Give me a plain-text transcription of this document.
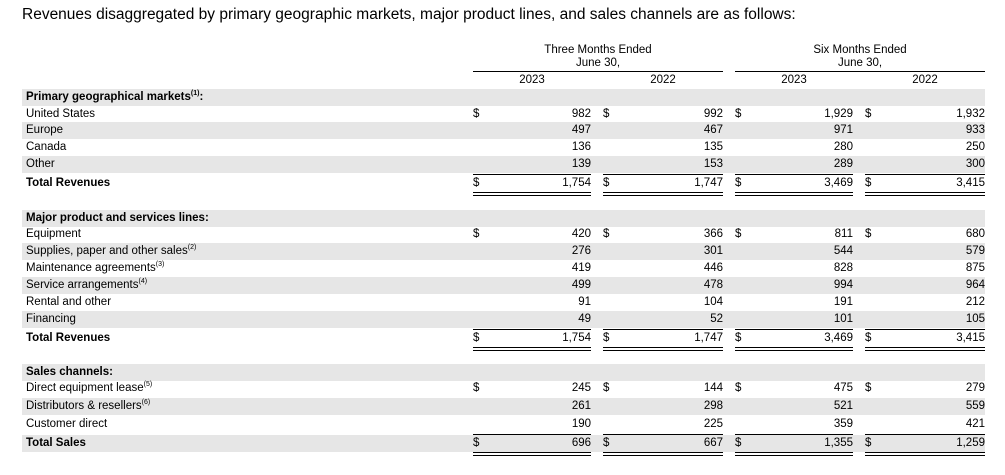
Revenues disaggregated by primary geographic markets, major product lines, and sales channels are as follows:
Three Months Ended
June 30,
Six Months Ended
June 30,
2023	2022	2023	2022
Primary geographical markets$^{(1)}$:
United States	$	982 $	992 $	1,929 $	1,932
Europe	497	467	971	933
Canada	136	135	280	250
Other	139	153	289	300
Total Revenues	$	1,754 $	1,747 $	3,469 $	3,415
Major product and services lines:
Equipment	$	420 $	366 $	811 $	680
Supplies, paper and other sales$^{(2)}$	276	301	544	579
Maintenance agreements$^{(3)}$	419	446	828	875
Service arrangements$^{(4)}$	499	478	994	964
Rental and other	91	104	191	212
Financing	49	52	101	105
Total Revenues	$	1,754 $	1,747 $	3,469 $	3,415
Sales channels:
Direct equipment lease$^{(5)}$	$	245 $	144 $	475 $	279
Distributors & resellers$^{(6)}$	261	298	521	559
Customer direct	190	225	359	421
Total Sales	$	696 $	667 $	1,355 $	1,259
